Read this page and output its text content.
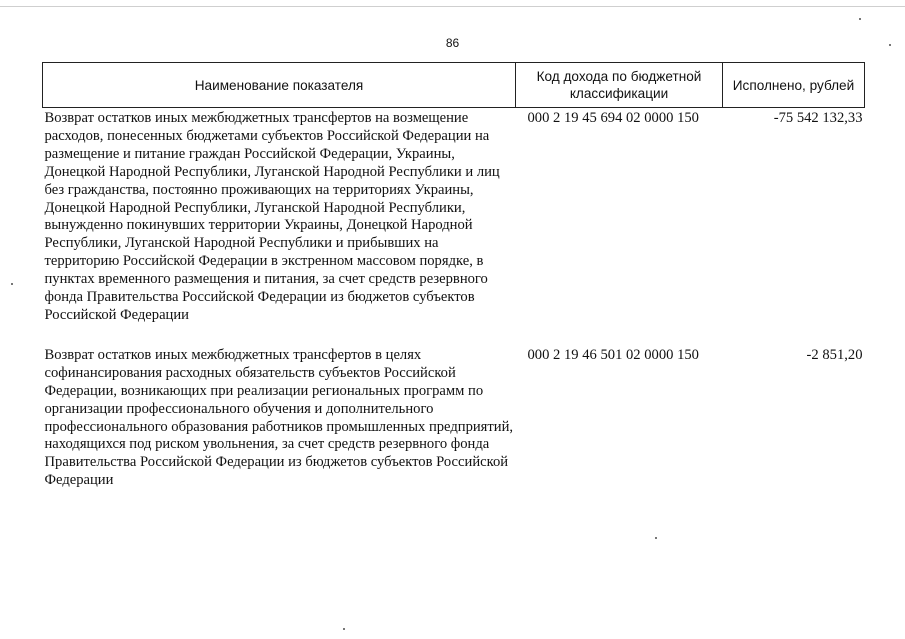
86
Наименование показателя	Код дохода по бюджетной классификации	Исполнено, рублей
Возврат остатков иных межбюджетных трансфертов на возмещение расходов, понесенных бюджетами субъектов Российской Федерации на размещение и питание граждан Российской Федерации, Украины, Донецкой Народной Республики, Луганской Народной Республики и лиц без гражданства, постоянно проживающих на территориях Украины, Донецкой Народной Республики, Луганской Народной Республики, вынужденно покинувших территории Украины, Донецкой Народной Республики, Луганской Народной Республики и прибывших на территорию Российской Федерации в экстренном массовом порядке, в пунктах временного размещения и питания, за счет средств резервного фонда Правительства Российской Федерации из бюджетов субъектов Российской Федерации	000 2 19 45 694 02 0000 150	-75 542 132,33
Возврат остатков иных межбюджетных трансфертов в целях софинансирования расходных обязательств субъектов Российской Федерации, возникающих при реализации региональных программ по организации профессионального обучения и дополнительного профессионального образования работников промышленных предприятий, находящихся под риском увольнения, за счет средств резервного фонда Правительства Российской Федерации из бюджетов субъектов Российской Федерации	000 2 19 46 501 02 0000 150	-2 851,20
